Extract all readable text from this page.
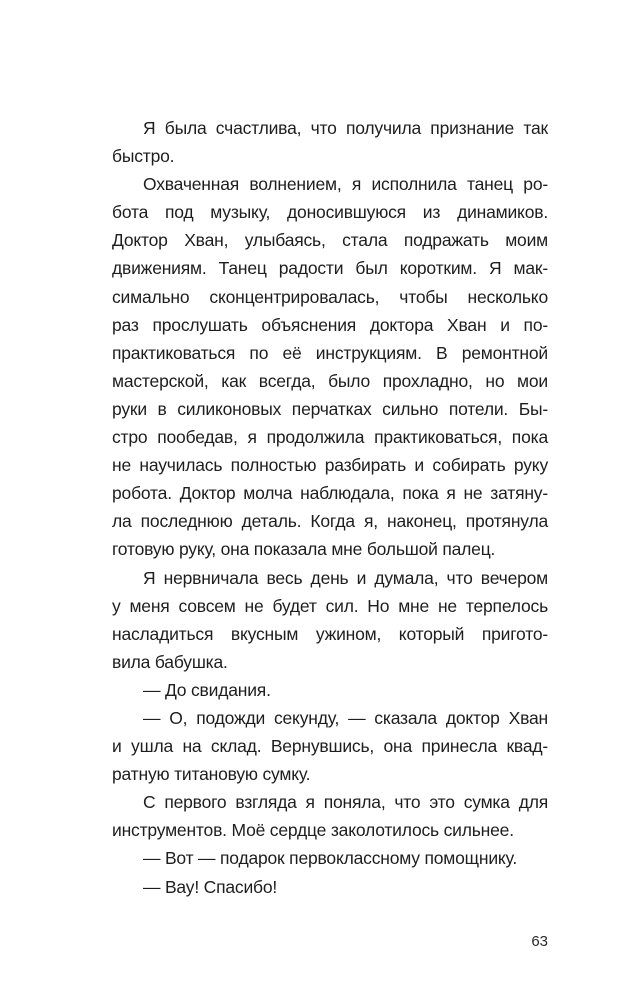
Я была счастлива, что получила признание так
быстро.

Охваченная волнением, я исполнила танец ро-
бота под музыку, доносившуюся из динамиков.
Доктор Хван, улыбаясь, стала подражать моим
движениям. Танец радости был коротким. Я мак-
симально сконцентрировалась, чтобы несколько
раз прослушать объяснения доктора Хван и по-
практиковаться по её инструкциям. В ремонтной
мастерской, как всегда, было прохладно, но мои
руки в силиконовых перчатках сильно потели. Бы-
стро пообедав, я продолжила практиковаться, пока
не научилась полностью разбирать и собирать руку
робота. Доктор молча наблюдала, пока я не затяну-
ла последнюю деталь. Когда я, наконец, протянула
готовую руку, она показала мне большой палец.

Я нервничала весь день и думала, что вечером
у меня совсем не будет сил. Но мне не терпелось
насладиться вкусным ужином, который пригото-
вила бабушка.

— До свидания.

— О, подожди секунду, — сказала доктор Хван
и ушла на склад. Вернувшись, она принесла квад-
ратную титановую сумку.

С первого взгляда я поняла, что это сумка для
инструментов. Моё сердце заколотилось сильнее.

— Вот — подарок первоклассному помощнику.

— Вау! Спасибо!

63
